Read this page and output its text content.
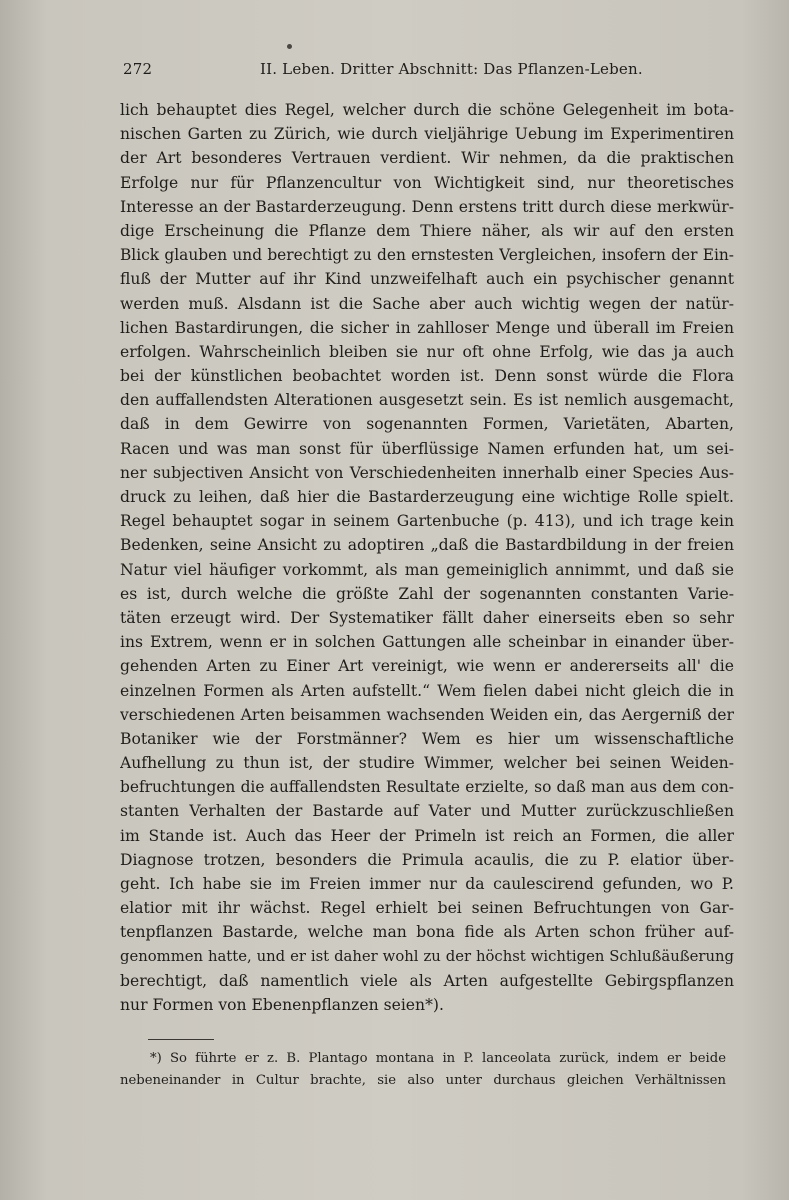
272	II. Leben. Dritter Abschnitt: Das Pflanzen-Leben.
lich behauptet dies Regel, welcher durch die schöne Gelegenheit im bota-
nischen Garten zu Zürich, wie durch vieljährige Uebung im Experimentiren
der Art besonderes Vertrauen verdient. Wir nehmen, da die praktischen
Erfolge nur für Pflanzencultur von Wichtigkeit sind, nur theoretisches
Interesse an der Bastarderzeugung. Denn erstens tritt durch diese merkwür-
dige Erscheinung die Pflanze dem Thiere näher, als wir auf den ersten
Blick glauben und berechtigt zu den ernstesten Vergleichen, insofern der Ein-
fluß der Mutter auf ihr Kind unzweifelhaft auch ein psychischer genannt
werden muß. Alsdann ist die Sache aber auch wichtig wegen der natür-
lichen Bastardirungen, die sicher in zahlloser Menge und überall im Freien
erfolgen. Wahrscheinlich bleiben sie nur oft ohne Erfolg, wie das ja auch
bei der künstlichen beobachtet worden ist. Denn sonst würde die Flora
den auffallendsten Alterationen ausgesetzt sein. Es ist nemlich ausgemacht,
daß in dem Gewirre von sogenannten Formen, Varietäten, Abarten,
Racen und was man sonst für überflüssige Namen erfunden hat, um sei-
ner subjectiven Ansicht von Verschiedenheiten innerhalb einer Species Aus-
druck zu leihen, daß hier die Bastarderzeugung eine wichtige Rolle spielt.
Regel behauptet sogar in seinem Gartenbuche (p. 413), und ich trage kein
Bedenken, seine Ansicht zu adoptiren „daß die Bastardbildung in der freien
Natur viel häufiger vorkommt, als man gemeiniglich annimmt, und daß sie
es ist, durch welche die größte Zahl der sogenannten constanten Varie-
täten erzeugt wird. Der Systematiker fällt daher einerseits eben so sehr
ins Extrem, wenn er in solchen Gattungen alle scheinbar in einander über-
gehenden Arten zu Einer Art vereinigt, wie wenn er andererseits all' die
einzelnen Formen als Arten aufstellt.“ Wem fielen dabei nicht gleich die in
verschiedenen Arten beisammen wachsenden Weiden ein, das Aergerniß der
Botaniker wie der Forstmänner? Wem es hier um wissenschaftliche
Aufhellung zu thun ist, der studire Wimmer, welcher bei seinen Weiden-
befruchtungen die auffallendsten Resultate erzielte, so daß man aus dem con-
stanten Verhalten der Bastarde auf Vater und Mutter zurückzuschließen
im Stande ist. Auch das Heer der Primeln ist reich an Formen, die aller
Diagnose trotzen, besonders die Primula acaulis, die zu P. elatior über-
geht. Ich habe sie im Freien immer nur da caulescirend gefunden, wo P.
elatior mit ihr wächst. Regel erhielt bei seinen Befruchtungen von Gar-
tenpflanzen Bastarde, welche man bona fide als Arten schon früher auf-
genommen hatte, und er ist daher wohl zu der höchst wichtigen Schlußäußerung
berechtigt, daß namentlich viele als Arten aufgestellte Gebirgspflanzen
nur Formen von Ebenenpflanzen seien*).
*) So führte er z. B. Plantago montana in P. lanceolata zurück, indem er beide
nebeneinander in Cultur brachte, sie also unter durchaus gleichen Verhältnissen
